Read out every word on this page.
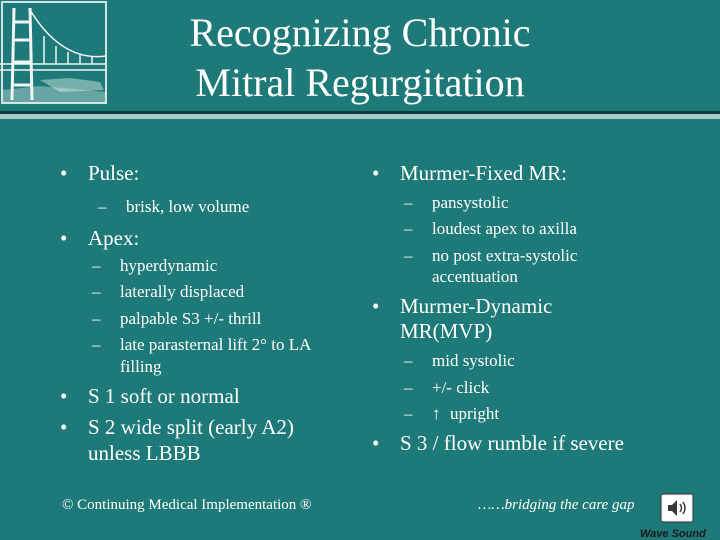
Recognizing Chronic
Mitral Regurgitation
• Pulse:
– brisk, low volume
• Apex:
– hyperdynamic
– laterally displaced
– palpable S3 +/- thrill
– late parasternal lift 2° to LA
filling
• S 1 soft or normal
• S 2 wide split (early A2)
unless LBBB
• Murmer-Fixed MR:
– pansystolic
– loudest apex to axilla
– no post extra-systolic
accentuation
• Murmer-Dynamic
MR(MVP)
– mid systolic
– +/- click
– ↑ upright
• S 3 / flow rumble if severe
© Continuing Medical Implementation ®	……bridging the care gap
Wave Sound
